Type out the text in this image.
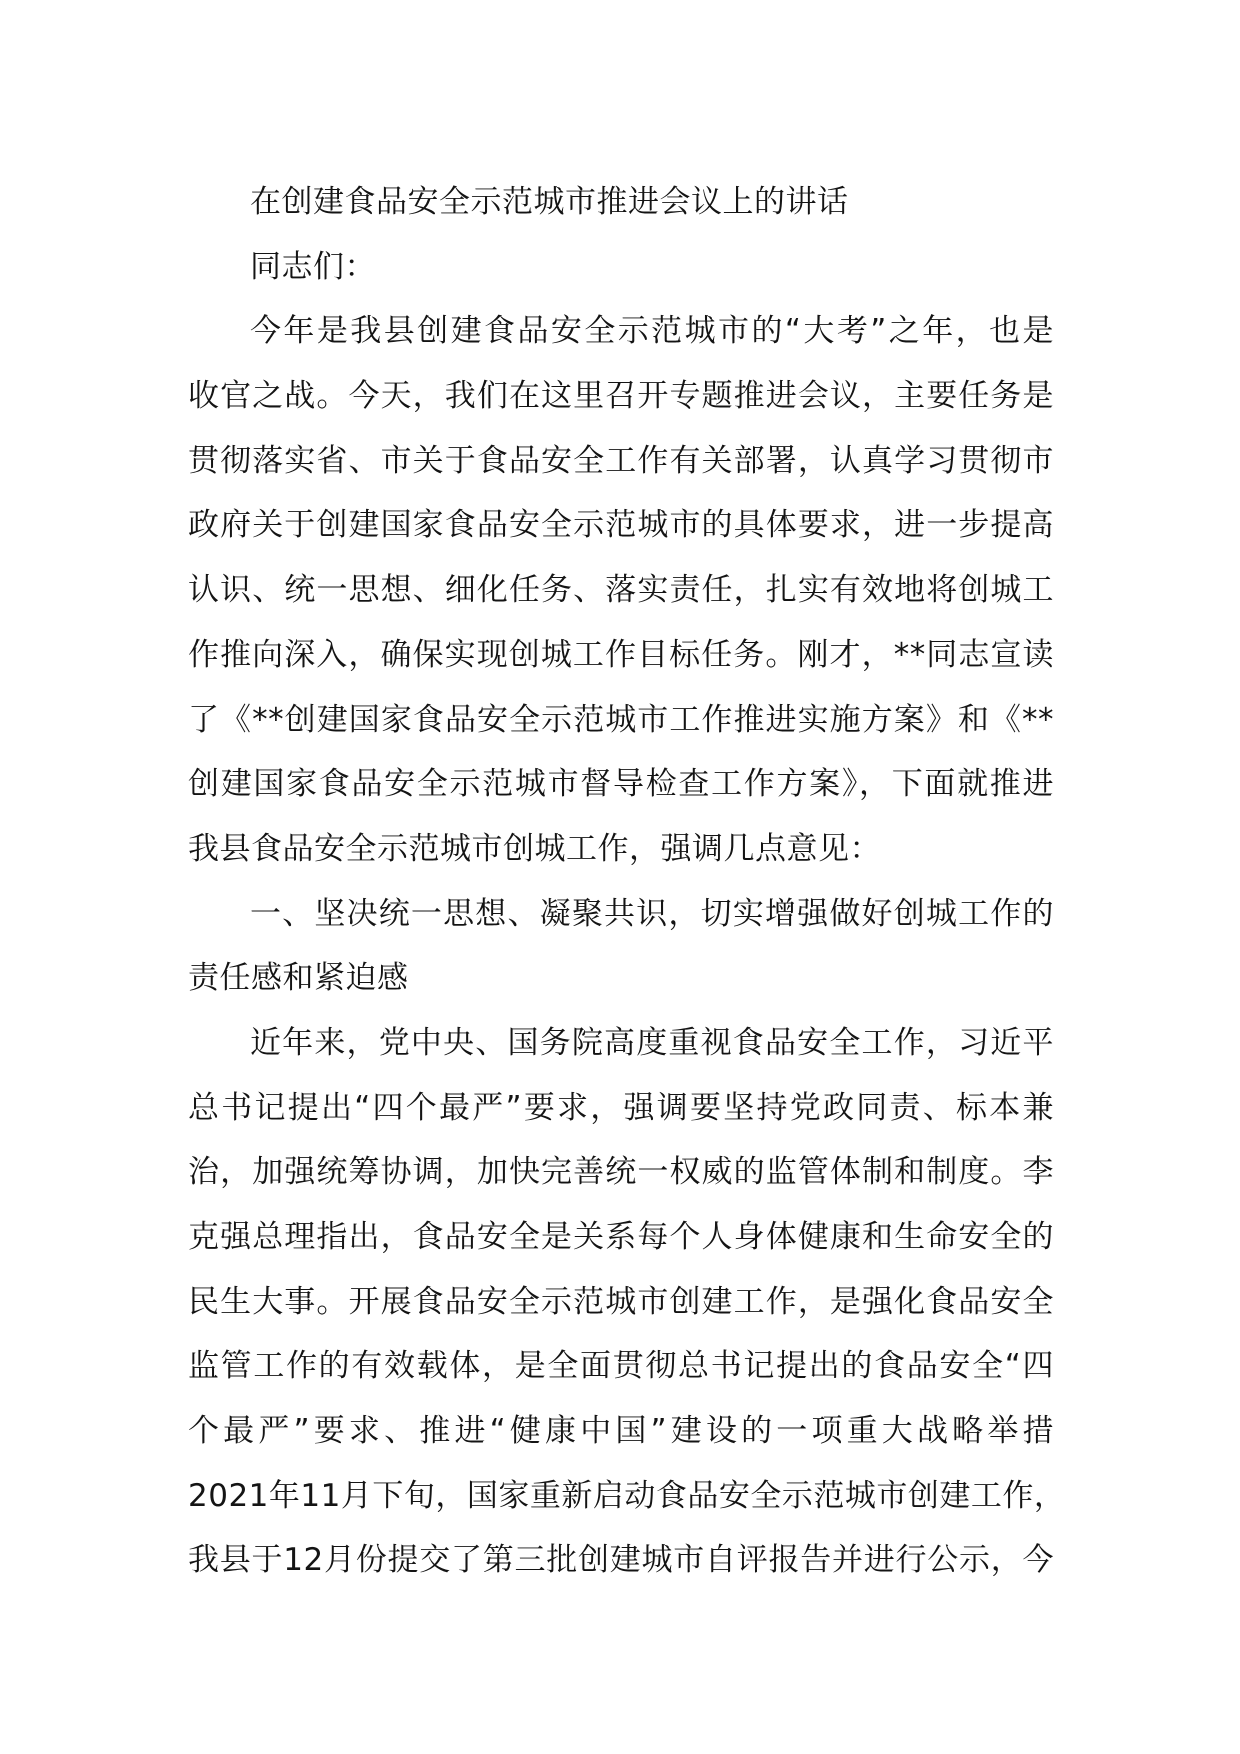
在创建食品安全示范城市推进会议上的讲话
同志们：
今年是我县创建食品安全示范城市的“大考”之年，也是
收官之战。今天，我们在这里召开专题推进会议，主要任务是
贯彻落实省、市关于食品安全工作有关部署，认真学习贯彻市
政府关于创建国家食品安全示范城市的具体要求，进一步提高
认识、统一思想、细化任务、落实责任，扎实有效地将创城工
作推向深入，确保实现创城工作目标任务。刚才，**同志宣读
了《**创建国家食品安全示范城市工作推进实施方案》和《**
创建国家食品安全示范城市督导检查工作方案》，下面就推进
我县食品安全示范城市创城工作，强调几点意见：
一、坚决统一思想、凝聚共识，切实增强做好创城工作的
责任感和紧迫感
近年来，党中央、国务院高度重视食品安全工作，习近平
总书记提出“四个最严”要求，强调要坚持党政同责、标本兼
治，加强统筹协调，加快完善统一权威的监管体制和制度。李
克强总理指出，食品安全是关系每个人身体健康和生命安全的
民生大事。开展食品安全示范城市创建工作，是强化食品安全
监管工作的有效载体，是全面贯彻总书记提出的食品安全“四
个最严”要求、推进“健康中国”建设的一项重大战略举措
2021年11月下旬，国家重新启动食品安全示范城市创建工作，
我县于12月份提交了第三批创建城市自评报告并进行公示，今
